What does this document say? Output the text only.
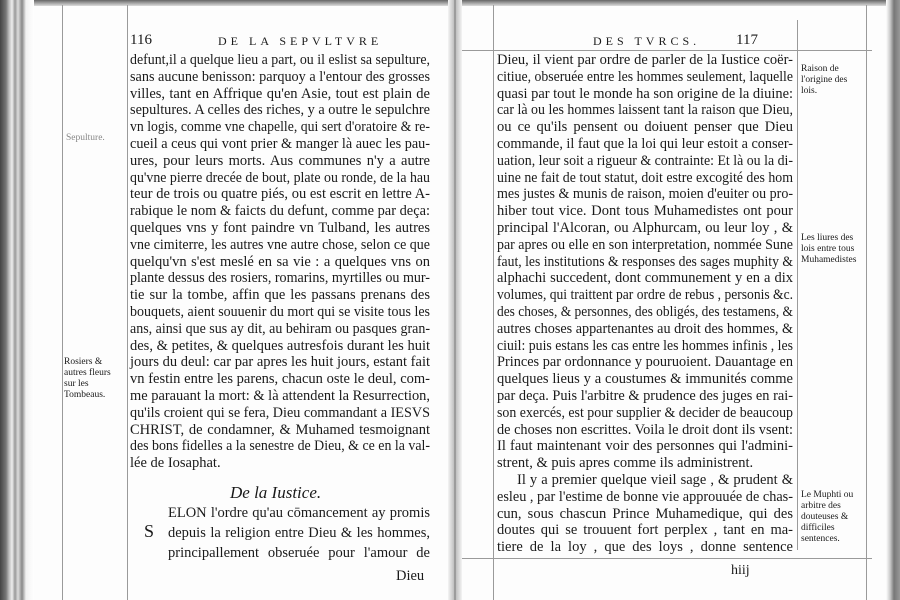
116	DE LA SEPVLTVRE
Sepulture.
Rosiers & autres fleurs sur les Tombeaus.
defunt,il a quelque lieu a part, ou il eslist sa sepulture,
sans aucune benisson: parquoy a l'entour des grosses
villes, tant en Affrique qu'en Asie, tout est plain de
sepultures. A celles des riches, y a outre le sepulchre
vn logis, comme vne chapelle, qui sert d'oratoire & re-
cueil a ceus qui vont prier & manger là auec les pau-
ures, pour leurs morts. Aus communes n'y a autre
qu'vne pierre drecée de bout, plate ou ronde, de la hau
teur de trois ou quatre piés, ou est escrit en lettre A-
rabique le nom & faicts du defunt, comme par deça:
quelques vns y font paindre vn Tulband, les autres
vne cimiterre, les autres vne autre chose, selon ce que
quelqu'vn s'est meslé en sa vie : a quelques vns on
plante dessus des rosiers, romarins, myrtilles ou mur-
tie sur la tombe, affin que les passans prenans des
bouquets, aient souuenir du mort qui se visite tous les
ans, ainsi que sus ay dit, au behiram ou pasques gran-
des, & petites, & quelques autresfois durant les huit
jours du deul: car par apres les huit jours, estant fait
vn festin entre les parens, chacun oste le deul, com-
me parauant la mort: & là attendent la Resurrection,
qu'ils croient qui se fera, Dieu commandant a IESVS
CHRIST, de condamner, & Muhamed tesmoignant
des bons fidelles a la senestre de Dieu, & ce en la val-
lée de Iosaphat.
De la Iustice.
S
ELON l'ordre qu'au cōmancement ay promis
depuis la religion entre Dieu & les hommes,
principallement obseruée pour l'amour de
Dieu
DES TVRCS. 117
Raison de l'origine des lois.
Les liures des lois entre tous Muhamedistes
Le Muphti ou arbitre des douteuses & difficiles sentences.
Dieu, il vient par ordre de parler de la Iustice coër-
citiue, obseruée entre les hommes seulement, laquelle
quasi par tout le monde ha son origine de la diuine:
car là ou les hommes laissent tant la raison que Dieu,
ou ce qu'ils pensent ou doiuent penser que Dieu
commande, il faut que la loi qui leur estoit a conser-
uation, leur soit a rigueur & contrainte: Et là ou la di-
uine ne fait de tout statut, doit estre excogité des hom
mes justes & munis de raison, moien d'euiter ou pro-
hiber tout vice. Dont tous Muhamedistes ont pour
principal l'Alcoran, ou Alphurcam, ou leur loy , &
par apres ou elle en son interpretation, nommée Sune
faut, les institutions & responses des sages muphity &
alphachi succedent, dont communement y en a dix
volumes, qui traittent par ordre de rebus , personis &c.
des choses, & personnes, des obligés, des testamens, &
autres choses appartenantes au droit des hommes, &
ciuil: puis estans les cas entre les hommes infinis , les
Princes par ordonnance y pouruoient. Dauantage en
quelques lieus y a coustumes & immunités comme
par deça. Puis l'arbitre & prudence des juges en rai-
son exercés, est pour supplier & decider de beaucoup
de choses non escrittes. Voila le droit dont ils vsent:
Il faut maintenant voir des personnes qui l'admini-
strent, & puis apres comme ils administrent.
Il y a premier quelque vieil sage , & prudent &
esleu , par l'estime de bonne vie approuuée de chas-
cun, sous chascun Prince Muhamedique, qui des
doutes qui se trouuent fort perplex , tant en ma-
tiere de la loy , que des loys , donne sentence
hiij
